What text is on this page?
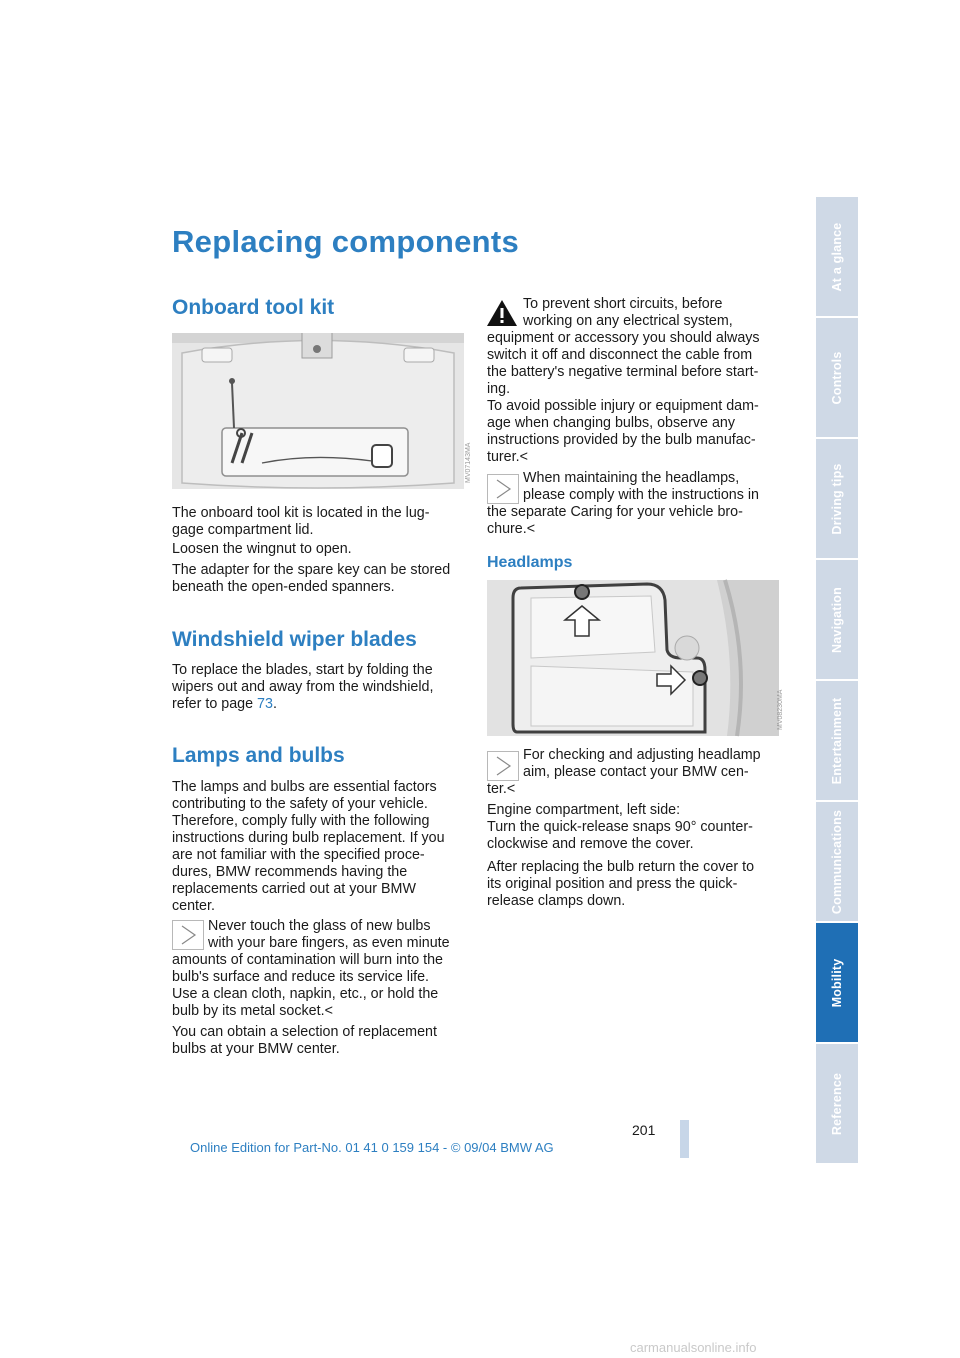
Replacing components
Onboard tool kit
MV07143MA

The onboard tool kit is located in the lug-
gage compartment lid.

Loosen the wingnut to open.

The adapter for the spare key can be stored
beneath the open-ended spanners.

Windshield wiper blades

To replace the blades, start by folding the
wipers out and away from the windshield,
refer to page 73.

Lamps and bulbs

The lamps and bulbs are essential factors
contributing to the safety of your vehicle.
Therefore, comply fully with the following
instructions during bulb replacement. If you
are not familiar with the specified proce-
dures, BMW recommends having the
replacements carried out at your BMW
center.

Never touch the glass of new bulbs
with your bare fingers, as even minute
amounts of contamination will burn into the
bulb's surface and reduce its service life.
Use a clean cloth, napkin, etc., or hold the
bulb by its metal socket.<

You can obtain a selection of replacement
bulbs at your BMW center.

To prevent short circuits, before
working on any electrical system,
equipment or accessory you should always
switch it off and disconnect the cable from
the battery's negative terminal before start-
ing.
To avoid possible injury or equipment dam-
age when changing bulbs, observe any
instructions provided by the bulb manufac-
turer.<

When maintaining the headlamps,
please comply with the instructions in
the separate Caring for your vehicle bro-
chure.<

Headlamps
MV08230MA

For checking and adjusting headlamp
aim, please contact your BMW cen-
ter.<

Engine compartment, left side:
Turn the quick-release snaps 90° counter-
clockwise and remove the cover.

After replacing the bulb return the cover to
its original position and press the quick-
release clamps down.

At a glance
Controls
Driving tips
Navigation
Entertainment
Communications
Mobility
Reference
201
Online Edition for Part-No. 01 41 0 159 154 - © 09/04 BMW AG
carmanualsonline.info
